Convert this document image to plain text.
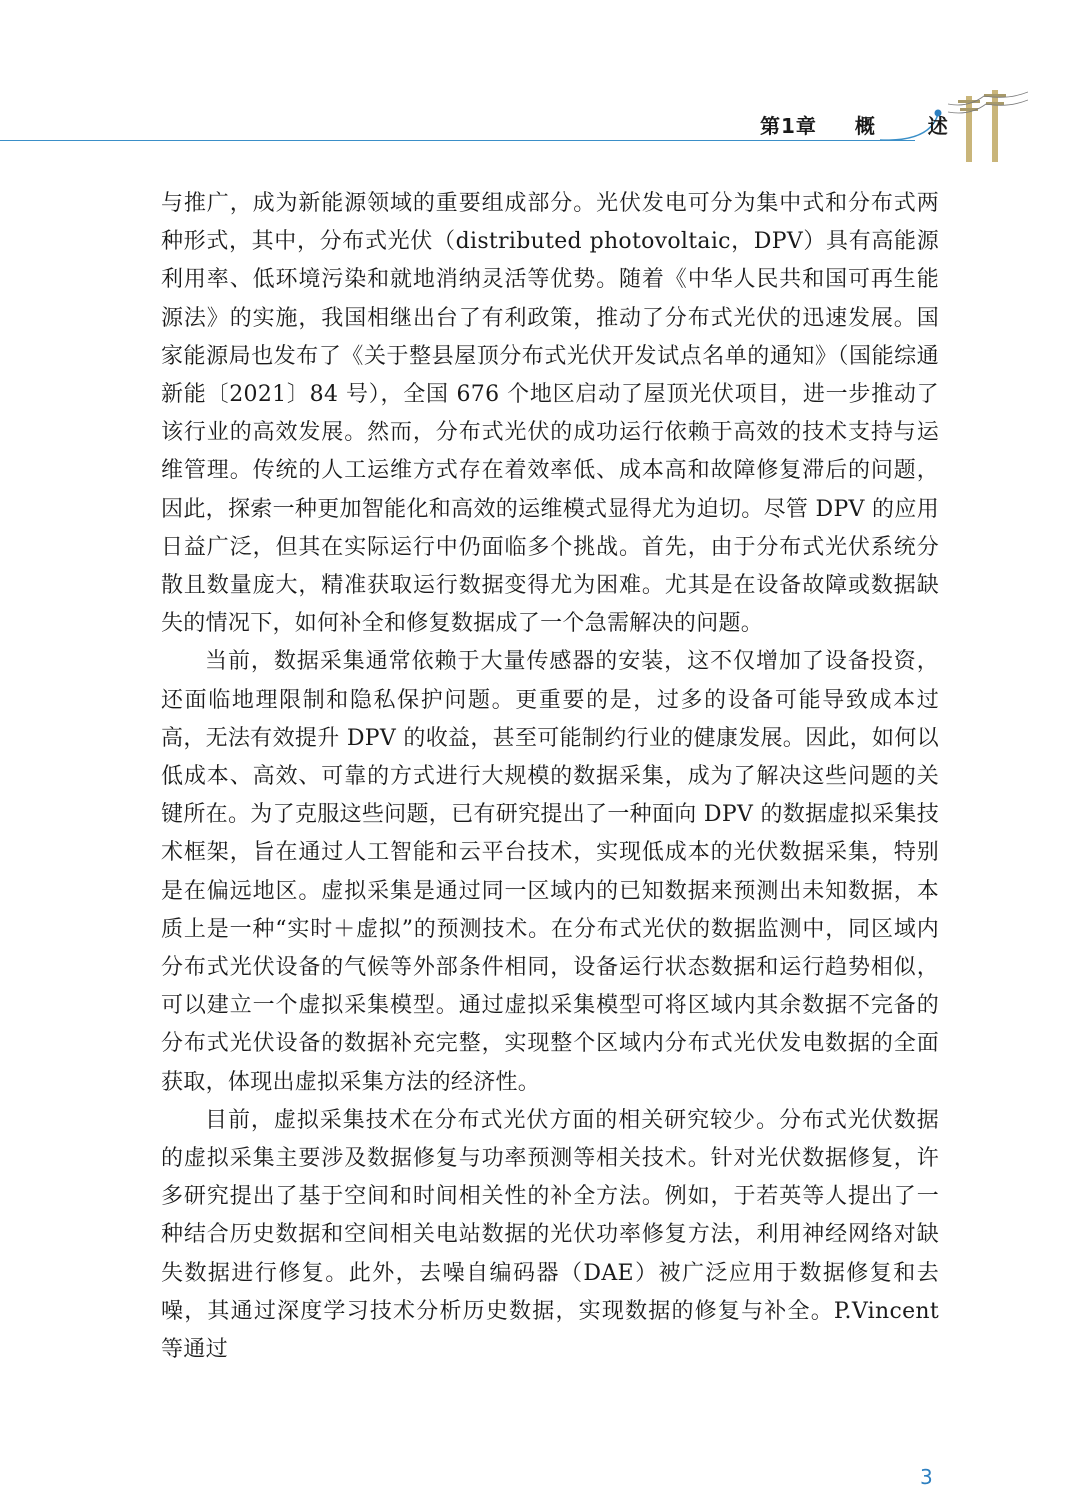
第1章 概	述

与推广，成为新能源领域的重要组成部分。光伏发电可分为集中式和分布式两种形式，其中，分布式光伏（distributed photovoltaic，DPV）具有高能源利用率、低环境污染和就地消纳灵活等优势。随着《中华人民共和国可再生能源法》的实施，我国相继出台了有利政策，推动了分布式光伏的迅速发展。国家能源局也发布了《关于整县屋顶分布式光伏开发试点名单的通知》（国能综通新能〔2021〕84 号），全国 676 个地区启动了屋顶光伏项目，进一步推动了该行业的高效发展。然而，分布式光伏的成功运行依赖于高效的技术支持与运维管理。传统的人工运维方式存在着效率低、成本高和故障修复滞后的问题，因此，探索一种更加智能化和高效的运维模式显得尤为迫切。尽管 DPV 的应用日益广泛，但其在实际运行中仍面临多个挑战。首先，由于分布式光伏系统分散且数量庞大，精准获取运行数据变得尤为困难。尤其是在设备故障或数据缺失的情况下，如何补全和修复数据成了一个急需解决的问题。

当前，数据采集通常依赖于大量传感器的安装，这不仅增加了设备投资，还面临地理限制和隐私保护问题。更重要的是，过多的设备可能导致成本过高，无法有效提升 DPV 的收益，甚至可能制约行业的健康发展。因此，如何以低成本、高效、可靠的方式进行大规模的数据采集，成为了解决这些问题的关键所在。为了克服这些问题，已有研究提出了一种面向 DPV 的数据虚拟采集技术框架，旨在通过人工智能和云平台技术，实现低成本的光伏数据采集，特别是在偏远地区。虚拟采集是通过同一区域内的已知数据来预测出未知数据，本质上是一种“实时＋虚拟”的预测技术。在分布式光伏的数据监测中，同区域内分布式光伏设备的气候等外部条件相同，设备运行状态数据和运行趋势相似，可以建立一个虚拟采集模型。通过虚拟采集模型可将区域内其余数据不完备的分布式光伏设备的数据补充完整，实现整个区域内分布式光伏发电数据的全面获取，体现出虚拟采集方法的经济性。

目前，虚拟采集技术在分布式光伏方面的相关研究较少。分布式光伏数据的虚拟采集主要涉及数据修复与功率预测等相关技术。针对光伏数据修复，许多研究提出了基于空间和时间相关性的补全方法。例如，于若英等人提出了一种结合历史数据和空间相关电站数据的光伏功率修复方法，利用神经网络对缺失数据进行修复。此外，去噪自编码器（DAE）被广泛应用于数据修复和去噪，其通过深度学习技术分析历史数据，实现数据的修复与补全。P.Vincent 等通过

3
